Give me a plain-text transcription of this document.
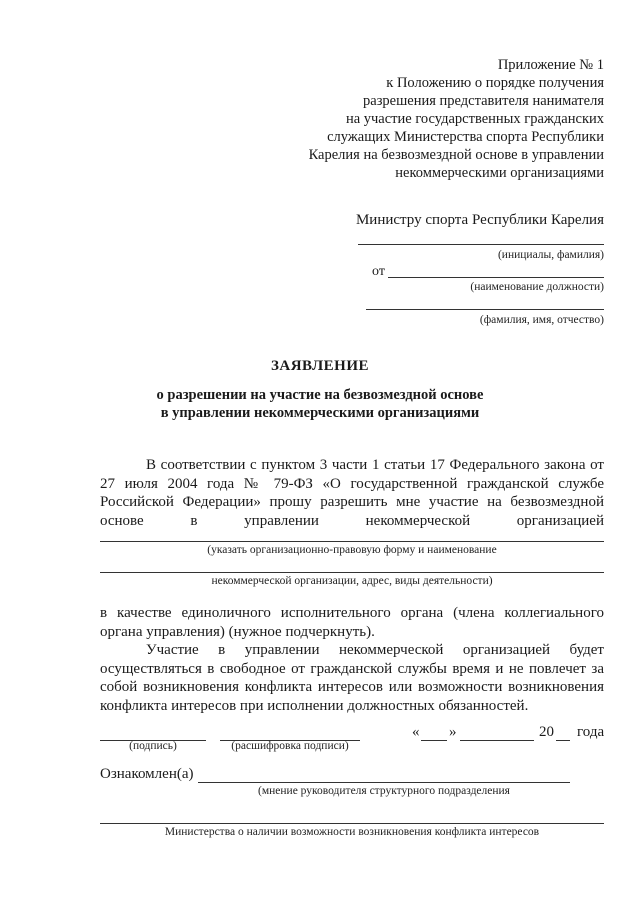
Приложение № 1
к Положению о порядке получения
разрешения представителя нанимателя
на участие государственных гражданских
служащих Министерства спорта Республики
Карелия на безвозмездной основе в управлении
некоммерческими организациями
Министру спорта Республики Карелия
(инициалы, фамилия)
от
(наименование должности)
(фамилия, имя, отчество)
ЗАЯВЛЕНИЕ
о разрешении на участие на безвозмездной основе
в управлении некоммерческими организациями
В соответствии с пунктом 3 части 1 статьи 17 Федерального закона от 27 июля 2004 года № 79-ФЗ «О государственной гражданской службе Российской Федерации» прошу разрешить мне участие на безвозмездной основе в управлении некоммерческой организацией
(указать организационно-правовую форму и наименование
некоммерческой организации, адрес, виды деятельности)
в качестве единоличного исполнительного органа (члена коллегиального органа управления) (нужное подчеркнуть).
Участие в управлении некоммерческой организацией будет осуществляться в свободное от гражданской службы время и не повлечет за собой возникновения конфликта интересов или возможности возникновения конфликта интересов при исполнении должностных обязанностей.
(подпись)	(расшифровка подписи)
« »	20 года
Ознакомлен(а)
(мнение руководителя структурного подразделения
Министерства о наличии возможности возникновения конфликта интересов
